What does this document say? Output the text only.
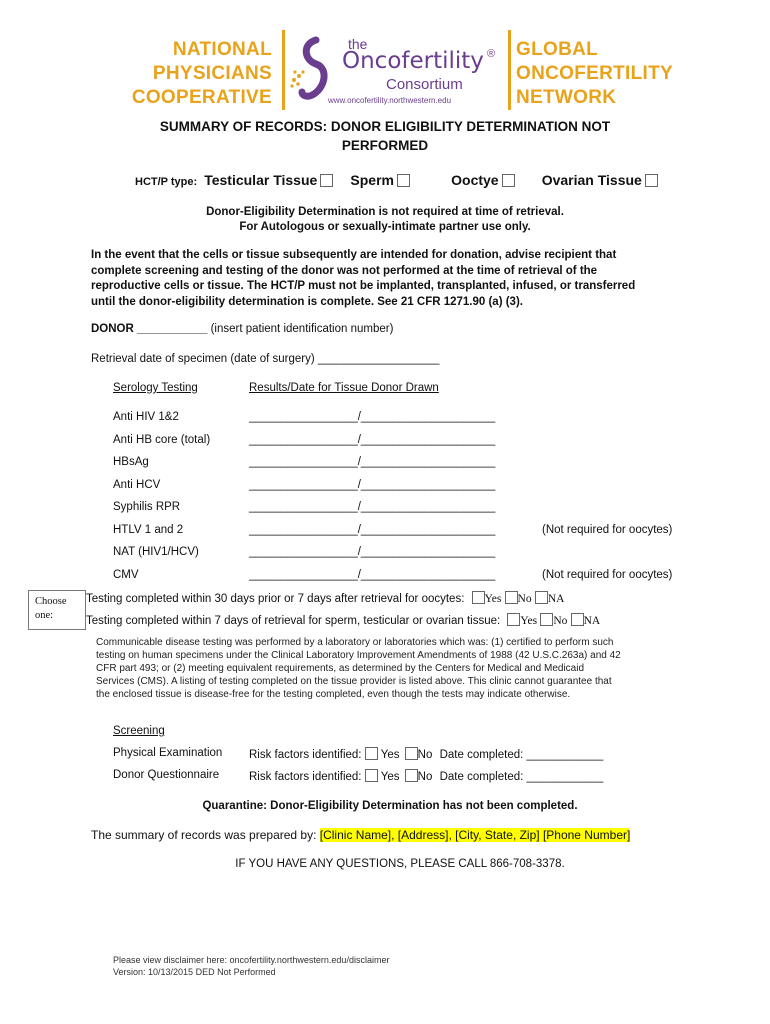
NATIONAL
PHYSICIANS
COOPERATIVE
the
Oncofertility ®
Consortium
www.oncofertility.northwestern.edu
GLOBAL
ONCOFERTILITY
NETWORK
SUMMARY OF RECORDS: DONOR ELIGIBILITY DETERMINATION NOT
PERFORMED
HCT/P type: Testicular Tissue Sperm	Ooctye	Ovarian Tissue
Donor-Eligibility Determination is not required at time of retrieval.
For Autologous or sexually-intimate partner use only.
In the event that the cells or tissue subsequently are intended for donation, advise recipient that
complete screening and testing of the donor was not performed at the time of retrieval of the
reproductive cells or tissue. The HCT/P must not be implanted, transplanted, infused, or transferred
until the donor-eligibility determination is complete. See 21 CFR 1271.90 (a) (3).
DONOR ___________ (insert patient identification number)
Retrieval date of specimen (date of surgery) ___________________
Serology Testing	Results/Date for Tissue Donor Drawn
Anti HIV 1&2	_________________/_____________________
Anti HB core (total)	_________________/_____________________
HBsAg	_________________/_____________________
Anti HCV	_________________/_____________________
Syphilis RPR	_________________/_____________________
HTLV 1 and 2	_________________/_____________________	(Not required for oocytes)
NAT (HIV1/HCV)	_________________/_____________________
CMV	_________________/_____________________	(Not required for oocytes)
Choose
one:
Testing completed within 30 days prior or 7 days after retrieval for oocytes: Yes No NA
Testing completed within 7 days of retrieval for sperm, testicular or ovarian tissue: Yes No NA
Communicable disease testing was performed by a laboratory or laboratories which was: (1) certified to perform such
testing on human specimens under the Clinical Laboratory Improvement Amendments of 1988 (42 U.S.C.263a) and 42
CFR part 493; or (2) meeting equivalent requirements, as determined by the Centers for Medical and Medicaid
Services (CMS). A listing of testing completed on the tissue provider is listed above. This clinic cannot guarantee that
the enclosed tissue is disease-free for the testing completed, even though the tests may indicate otherwise.
Screening
Physical Examination Risk factors identified: Yes No Date completed: ____________
Donor Questionnaire	Risk factors identified: Yes No Date completed: ____________
Quarantine: Donor-Eligibility Determination has not been completed.
The summary of records was prepared by: [Clinic Name], [Address], [City, State, Zip] [Phone Number]
IF YOU HAVE ANY QUESTIONS, PLEASE CALL 866-708-3378.
Please view disclaimer here: oncofertility.northwestern.edu/disclaimer
Version: 10/13/2015 DED Not Performed
